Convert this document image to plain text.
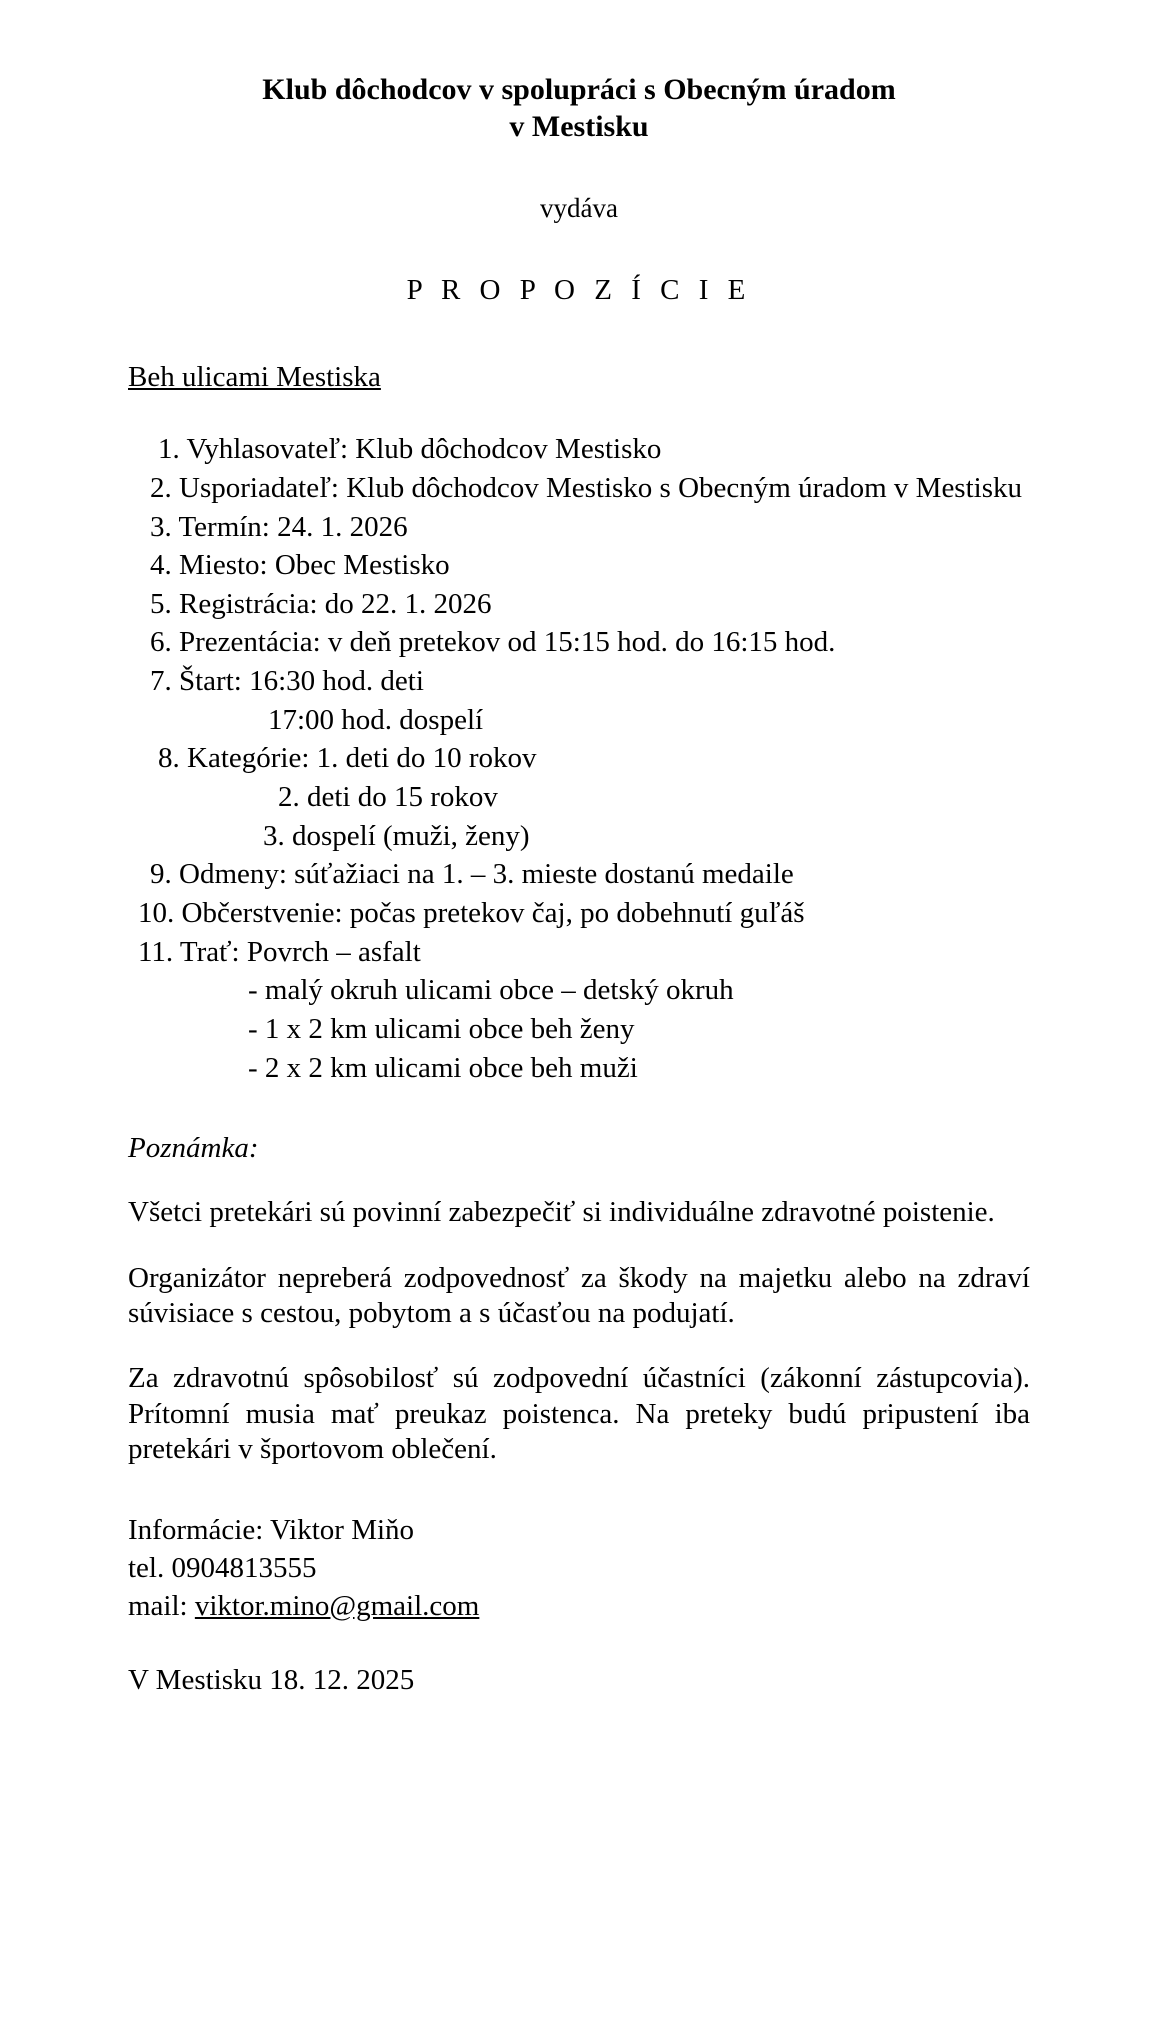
Klub dôchodcov v spolupráci s Obecným úradom
v Mestisku
vydáva
P R O P O Z Í C I E
Beh ulicami Mestiska
1. Vyhlasovateľ: Klub dôchodcov Mestisko
2. Usporiadateľ: Klub dôchodcov Mestisko s Obecným úradom v Mestisku
3. Termín: 24. 1. 2026
4. Miesto: Obec Mestisko
5. Registrácia: do 22. 1. 2026
6. Prezentácia: v deň pretekov od 15:15 hod. do 16:15 hod.
7. Štart: 16:30 hod. deti
17:00 hod. dospelí
8. Kategórie: 1. deti do 10 rokov
2. deti do 15 rokov
3. dospelí (muži, ženy)
9. Odmeny: súťažiaci na 1. – 3. mieste dostanú medaile
10. Občerstvenie: počas pretekov čaj, po dobehnutí guľáš
11. Trať: Povrch – asfalt
- malý okruh ulicami obce – detský okruh
- 1 x 2 km ulicami obce beh ženy
- 2 x 2 km ulicami obce beh muži
Poznámka:

Všetci pretekári sú povinní zabezpečiť si individuálne zdravotné poistenie.

Organizátor nepreberá zodpovednosť za škody na majetku alebo na zdraví súvisiace s cestou, pobytom a s účasťou na podujatí.

Za zdravotnú spôsobilosť sú zodpovední účastníci (zákonní zástupcovia). Prítomní musia mať preukaz poistenca. Na preteky budú pripustení iba pretekári v športovom oblečení.

Informácie: Viktor Miňo
tel. 0904813555
mail: viktor.mino@gmail.com
V Mestisku 18. 12. 2025
